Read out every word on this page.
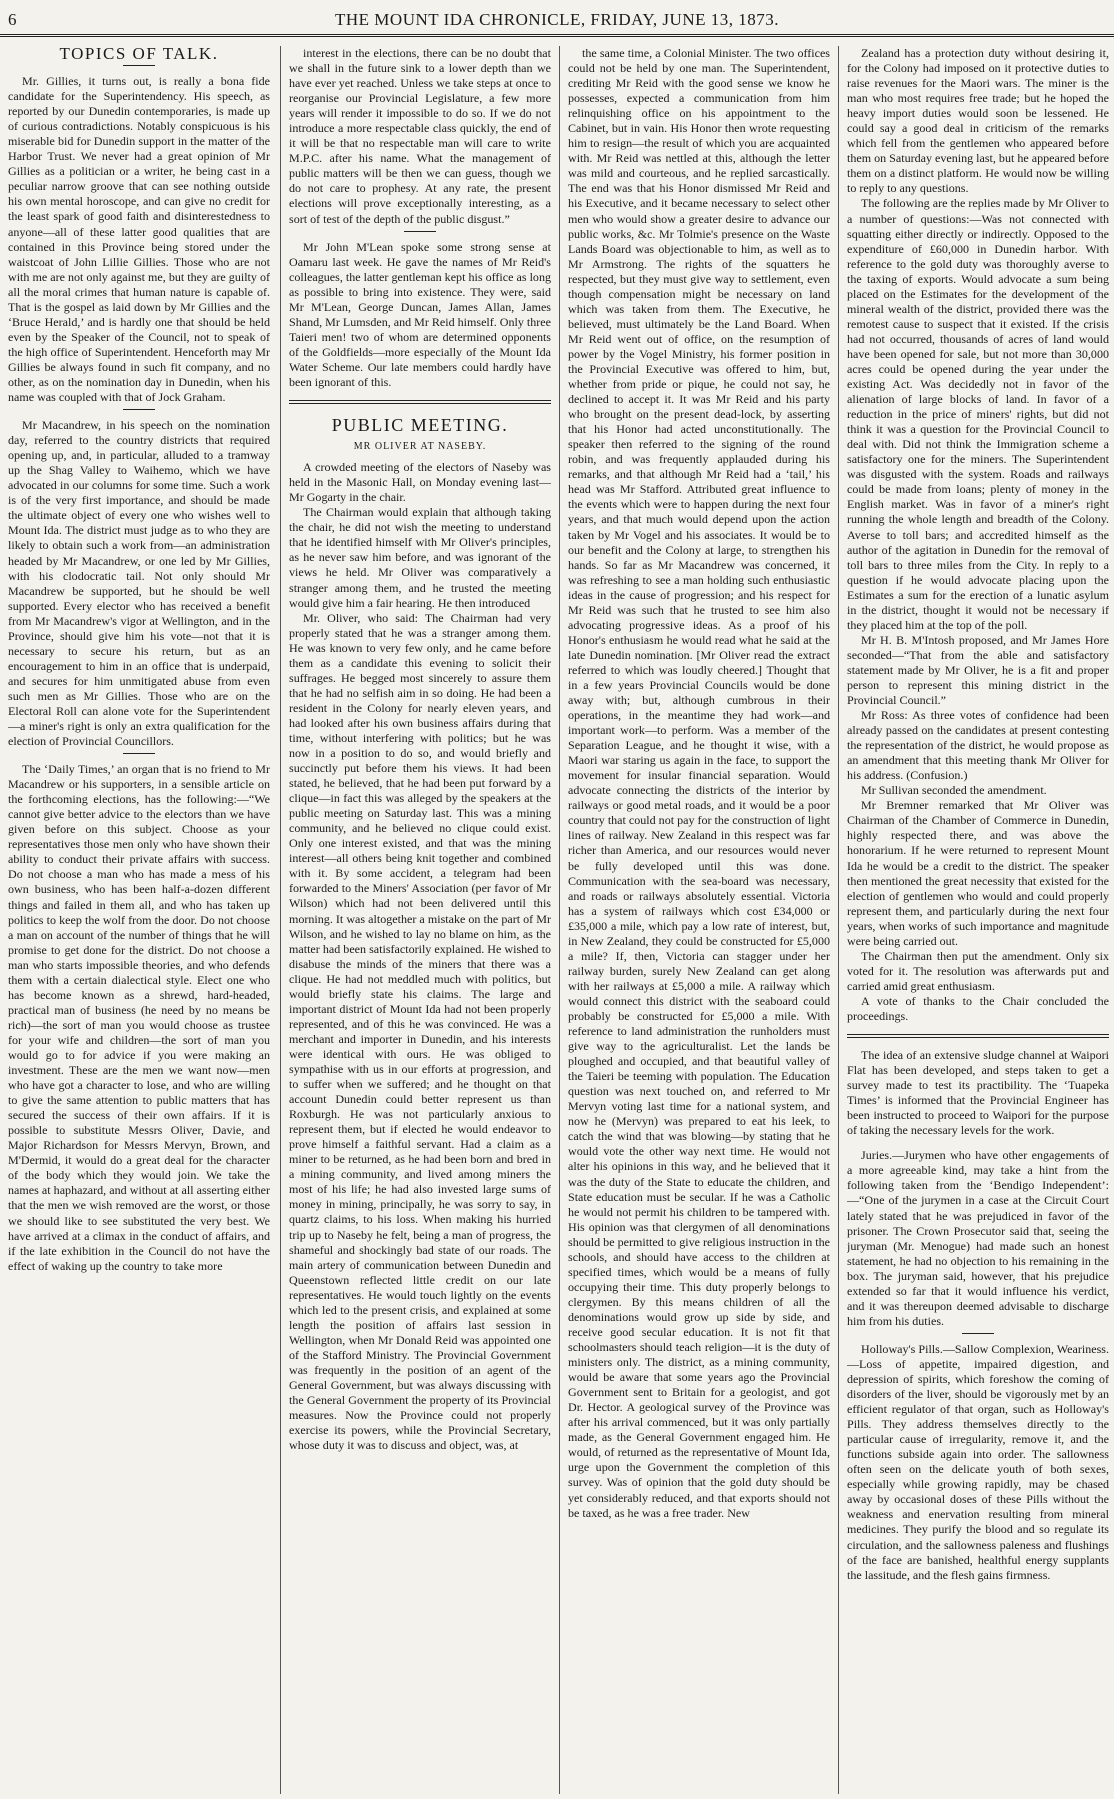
6	THE MOUNT IDA CHRONICLE, FRIDAY, JUNE 13, 1873.
TOPICS OF TALK.

Mr. Gillies, it turns out, is really a bona fide candidate for the Superintendency. His speech, as reported by our Dunedin contemporaries, is made up of curious contradictions. Notably conspicuous is his miserable bid for Dunedin support in the matter of the Harbor Trust. We never had a great opinion of Mr Gillies as a politician or a writer, he being cast in a peculiar narrow groove that can see nothing outside his own mental horoscope, and can give no credit for the least spark of good faith and disinterestedness to anyone—all of these latter good qualities that are contained in this Province being stored under the waistcoat of John Lillie Gillies. Those who are not with me are not only against me, but they are guilty of all the moral crimes that human nature is capable of. That is the gospel as laid down by Mr Gillies and the ‘Bruce Herald,’ and is hardly one that should be held even by the Speaker of the Council, not to speak of the high office of Superintendent. Henceforth may Mr Gillies be always found in such fit company, and no other, as on the nomination day in Dunedin, when his name was coupled with that of Jock Graham.

Mr Macandrew, in his speech on the nomination day, referred to the country districts that required opening up, and, in particular, alluded to a tramway up the Shag Valley to Waihemo, which we have advocated in our columns for some time. Such a work is of the very first importance, and should be made the ultimate object of every one who wishes well to Mount Ida. The district must judge as to who they are likely to obtain such a work from—an administration headed by Mr Macandrew, or one led by Mr Gillies, with his clodocratic tail. Not only should Mr Macandrew be supported, but he should be well supported. Every elector who has received a benefit from Mr Macandrew's vigor at Wellington, and in the Province, should give him his vote—not that it is necessary to secure his return, but as an encouragement to him in an office that is underpaid, and secures for him unmitigated abuse from even such men as Mr Gillies. Those who are on the Electoral Roll can alone vote for the Superintendent—a miner's right is only an extra qualification for the election of Provincial Councillors.

The ‘Daily Times,’ an organ that is no friend to Mr Macandrew or his supporters, in a sensible article on the forthcoming elections, has the following:—“We cannot give better advice to the electors than we have given before on this subject. Choose as your representatives those men only who have shown their ability to conduct their private affairs with success. Do not choose a man who has made a mess of his own business, who has been half-a-dozen different things and failed in them all, and who has taken up politics to keep the wolf from the door. Do not choose a man on account of the number of things that he will promise to get done for the district. Do not choose a man who starts impossible theories, and who defends them with a certain dialectical style. Elect one who has become known as a shrewd, hard-headed, practical man of business (he need by no means be rich)—the sort of man you would choose as trustee for your wife and children—the sort of man you would go to for advice if you were making an investment. These are the men we want now—men who have got a character to lose, and who are willing to give the same attention to public matters that has secured the success of their own affairs. If it is possible to substitute Messrs Oliver, Davie, and Major Richardson for Messrs Mervyn, Brown, and M'Dermid, it would do a great deal for the character of the body which they would join. We take the names at haphazard, and without at all asserting either that the men we wish removed are the worst, or those we should like to see substituted the very best. We have arrived at a climax in the conduct of affairs, and if the late exhibition in the Council do not have the effect of waking up the country to take more

interest in the elections, there can be no doubt that we shall in the future sink to a lower depth than we have ever yet reached. Unless we take steps at once to reorganise our Provincial Legislature, a few more years will render it impossible to do so. If we do not introduce a more respectable class quickly, the end of it will be that no respectable man will care to write M.P.C. after his name. What the management of public matters will be then we can guess, though we do not care to prophesy. At any rate, the present elections will prove exceptionally interesting, as a sort of test of the depth of the public disgust.”

Mr John M'Lean spoke some strong sense at Oamaru last week. He gave the names of Mr Reid's colleagues, the latter gentleman kept his office as long as possible to bring into existence. They were, said Mr M'Lean, George Duncan, James Allan, James Shand, Mr Lumsden, and Mr Reid himself. Only three Taieri men! two of whom are determined opponents of the Goldfields—more especially of the Mount Ida Water Scheme. Our late members could hardly have been ignorant of this.

PUBLIC MEETING.
MR OLIVER AT NASEBY.

A crowded meeting of the electors of Naseby was held in the Masonic Hall, on Monday evening last—Mr Gogarty in the chair.

The Chairman would explain that although taking the chair, he did not wish the meeting to understand that he identified himself with Mr Oliver's principles, as he never saw him before, and was ignorant of the views he held. Mr Oliver was comparatively a stranger among them, and he trusted the meeting would give him a fair hearing. He then introduced

Mr. Oliver, who said: The Chairman had very properly stated that he was a stranger among them. He was known to very few only, and he came before them as a candidate this evening to solicit their suffrages. He begged most sincerely to assure them that he had no selfish aim in so doing. He had been a resident in the Colony for nearly eleven years, and had looked after his own business affairs during that time, without interfering with politics; but he was now in a position to do so, and would briefly and succinctly put before them his views. It had been stated, he believed, that he had been put forward by a clique—in fact this was alleged by the speakers at the public meeting on Saturday last. This was a mining community, and he believed no clique could exist. Only one interest existed, and that was the mining interest—all others being knit together and combined with it. By some accident, a telegram had been forwarded to the Miners' Association (per favor of Mr Wilson) which had not been delivered until this morning. It was altogether a mistake on the part of Mr Wilson, and he wished to lay no blame on him, as the matter had been satisfactorily explained. He wished to disabuse the minds of the miners that there was a clique. He had not meddled much with politics, but would briefly state his claims. The large and important district of Mount Ida had not been properly represented, and of this he was convinced. He was a merchant and importer in Dunedin, and his interests were identical with ours. He was obliged to sympathise with us in our efforts at progression, and to suffer when we suffered; and he thought on that account Dunedin could better represent us than Roxburgh. He was not particularly anxious to represent them, but if elected he would endeavor to prove himself a faithful servant. Had a claim as a miner to be returned, as he had been born and bred in a mining community, and lived among miners the most of his life; he had also invested large sums of money in mining, principally, he was sorry to say, in quartz claims, to his loss. When making his hurried trip up to Naseby he felt, being a man of progress, the shameful and shockingly bad state of our roads. The main artery of communication between Dunedin and Queenstown reflected little credit on our late representatives. He would touch lightly on the events which led to the present crisis, and explained at some length the position of affairs last session in Wellington, when Mr Donald Reid was appointed one of the Stafford Ministry. The Provincial Government was frequently in the position of an agent of the General Government, but was always discussing with the General Government the property of its Provincial measures. Now the Province could not properly exercise its powers, while the Provincial Secretary, whose duty it was to discuss and object, was, at

the same time, a Colonial Minister. The two offices could not be held by one man. The Superintendent, crediting Mr Reid with the good sense we know he possesses, expected a communication from him relinquishing office on his appointment to the Cabinet, but in vain. His Honor then wrote requesting him to resign—the result of which you are acquainted with. Mr Reid was nettled at this, although the letter was mild and courteous, and he replied sarcastically. The end was that his Honor dismissed Mr Reid and his Executive, and it became necessary to select other men who would show a greater desire to advance our public works, &c. Mr Tolmie's presence on the Waste Lands Board was objectionable to him, as well as to Mr Armstrong. The rights of the squatters he respected, but they must give way to settlement, even though compensation might be necessary on land which was taken from them. The Executive, he believed, must ultimately be the Land Board. When Mr Reid went out of office, on the resumption of power by the Vogel Ministry, his former position in the Provincial Executive was offered to him, but, whether from pride or pique, he could not say, he declined to accept it. It was Mr Reid and his party who brought on the present dead-lock, by asserting that his Honor had acted unconstitutionally. The speaker then referred to the signing of the round robin, and was frequently applauded during his remarks, and that although Mr Reid had a ‘tail,’ his head was Mr Stafford. Attributed great influence to the events which were to happen during the next four years, and that much would depend upon the action taken by Mr Vogel and his associates. It would be to our benefit and the Colony at large, to strengthen his hands. So far as Mr Macandrew was concerned, it was refreshing to see a man holding such enthusiastic ideas in the cause of progression; and his respect for Mr Reid was such that he trusted to see him also advocating progressive ideas. As a proof of his Honor's enthusiasm he would read what he said at the late Dunedin nomination. [Mr Oliver read the extract referred to which was loudly cheered.] Thought that in a few years Provincial Councils would be done away with; but, although cumbrous in their operations, in the meantime they had work—and important work—to perform. Was a member of the Separation League, and he thought it wise, with a Maori war staring us again in the face, to support the movement for insular financial separation. Would advocate connecting the districts of the interior by railways or good metal roads, and it would be a poor country that could not pay for the construction of light lines of railway. New Zealand in this respect was far richer than America, and our resources would never be fully developed until this was done. Communication with the sea-board was necessary, and roads or railways absolutely essential. Victoria has a system of railways which cost £34,000 or £35,000 a mile, which pay a low rate of interest, but, in New Zealand, they could be constructed for £5,000 a mile? If, then, Victoria can stagger under her railway burden, surely New Zealand can get along with her railways at £5,000 a mile. A railway which would connect this district with the seaboard could probably be constructed for £5,000 a mile. With reference to land administration the runholders must give way to the agriculturalist. Let the lands be ploughed and occupied, and that beautiful valley of the Taieri be teeming with population. The Education question was next touched on, and referred to Mr Mervyn voting last time for a national system, and now he (Mervyn) was prepared to eat his leek, to catch the wind that was blowing—by stating that he would vote the other way next time. He would not alter his opinions in this way, and he believed that it was the duty of the State to educate the children, and State education must be secular. If he was a Catholic he would not permit his children to be tampered with. His opinion was that clergymen of all denominations should be permitted to give religious instruction in the schools, and should have access to the children at specified times, which would be a means of fully occupying their time. This duty properly belongs to clergymen. By this means children of all the denominations would grow up side by side, and receive good secular education. It is not fit that schoolmasters should teach religion—it is the duty of ministers only. The district, as a mining community, would be aware that some years ago the Provincial Government sent to Britain for a geologist, and got Dr. Hector. A geological survey of the Province was after his arrival commenced, but it was only partially made, as the General Government engaged him. He would, of returned as the representative of Mount Ida, urge upon the Government the completion of this survey. Was of opinion that the gold duty should be yet considerably reduced, and that exports should not be taxed, as he was a free trader. New

Zealand has a protection duty without desiring it, for the Colony had imposed on it protective duties to raise revenues for the Maori wars. The miner is the man who most requires free trade; but he hoped the heavy import duties would soon be lessened. He could say a good deal in criticism of the remarks which fell from the gentlemen who appeared before them on Saturday evening last, but he appeared before them on a distinct platform. He would now be willing to reply to any questions.

The following are the replies made by Mr Oliver to a number of questions:—Was not connected with squatting either directly or indirectly. Opposed to the expenditure of £60,000 in Dunedin harbor. With reference to the gold duty was thoroughly averse to the taxing of exports. Would advocate a sum being placed on the Estimates for the development of the mineral wealth of the district, provided there was the remotest cause to suspect that it existed. If the crisis had not occurred, thousands of acres of land would have been opened for sale, but not more than 30,000 acres could be opened during the year under the existing Act. Was decidedly not in favor of the alienation of large blocks of land. In favor of a reduction in the price of miners' rights, but did not think it was a question for the Provincial Council to deal with. Did not think the Immigration scheme a satisfactory one for the miners. The Superintendent was disgusted with the system. Roads and railways could be made from loans; plenty of money in the English market. Was in favor of a miner's right running the whole length and breadth of the Colony. Averse to toll bars; and accredited himself as the author of the agitation in Dunedin for the removal of toll bars to three miles from the City. In reply to a question if he would advocate placing upon the Estimates a sum for the erection of a lunatic asylum in the district, thought it would not be necessary if they placed him at the top of the poll.

Mr H. B. M'Intosh proposed, and Mr James Hore seconded—“That from the able and satisfactory statement made by Mr Oliver, he is a fit and proper person to represent this mining district in the Provincial Council.”

Mr Ross: As three votes of confidence had been already passed on the candidates at present contesting the representation of the district, he would propose as an amendment that this meeting thank Mr Oliver for his address. (Confusion.)

Mr Sullivan seconded the amendment.

Mr Bremner remarked that Mr Oliver was Chairman of the Chamber of Commerce in Dunedin, highly respected there, and was above the honorarium. If he were returned to represent Mount Ida he would be a credit to the district. The speaker then mentioned the great necessity that existed for the election of gentlemen who would and could properly represent them, and particularly during the next four years, when works of such importance and magnitude were being carried out.

The Chairman then put the amendment. Only six voted for it. The resolution was afterwards put and carried amid great enthusiasm.

A vote of thanks to the Chair concluded the proceedings.

The idea of an extensive sludge channel at Waipori Flat has been developed, and steps taken to get a survey made to test its practibility. The ‘Tuapeka Times’ is informed that the Provincial Engineer has been instructed to proceed to Waipori for the purpose of taking the necessary levels for the work.

Juries.—Jurymen who have other engagements of a more agreeable kind, may take a hint from the following taken from the ‘Bendigo Independent’:—“One of the jurymen in a case at the Circuit Court lately stated that he was prejudiced in favor of the prisoner. The Crown Prosecutor said that, seeing the juryman (Mr. Menogue) had made such an honest statement, he had no objection to his remaining in the box. The juryman said, however, that his prejudice extended so far that it would influence his verdict, and it was thereupon deemed advisable to discharge him from his duties.

Holloway's Pills.—Sallow Complexion, Weariness.—Loss of appetite, impaired digestion, and depression of spirits, which foreshow the coming of disorders of the liver, should be vigorously met by an efficient regulator of that organ, such as Holloway's Pills. They address themselves directly to the particular cause of irregularity, remove it, and the functions subside again into order. The sallowness often seen on the delicate youth of both sexes, especially while growing rapidly, may be chased away by occasional doses of these Pills without the weakness and enervation resulting from mineral medicines. They purify the blood and so regulate its circulation, and the sallowness paleness and flushings of the face are banished, healthful energy supplants the lassitude, and the flesh gains firmness.
